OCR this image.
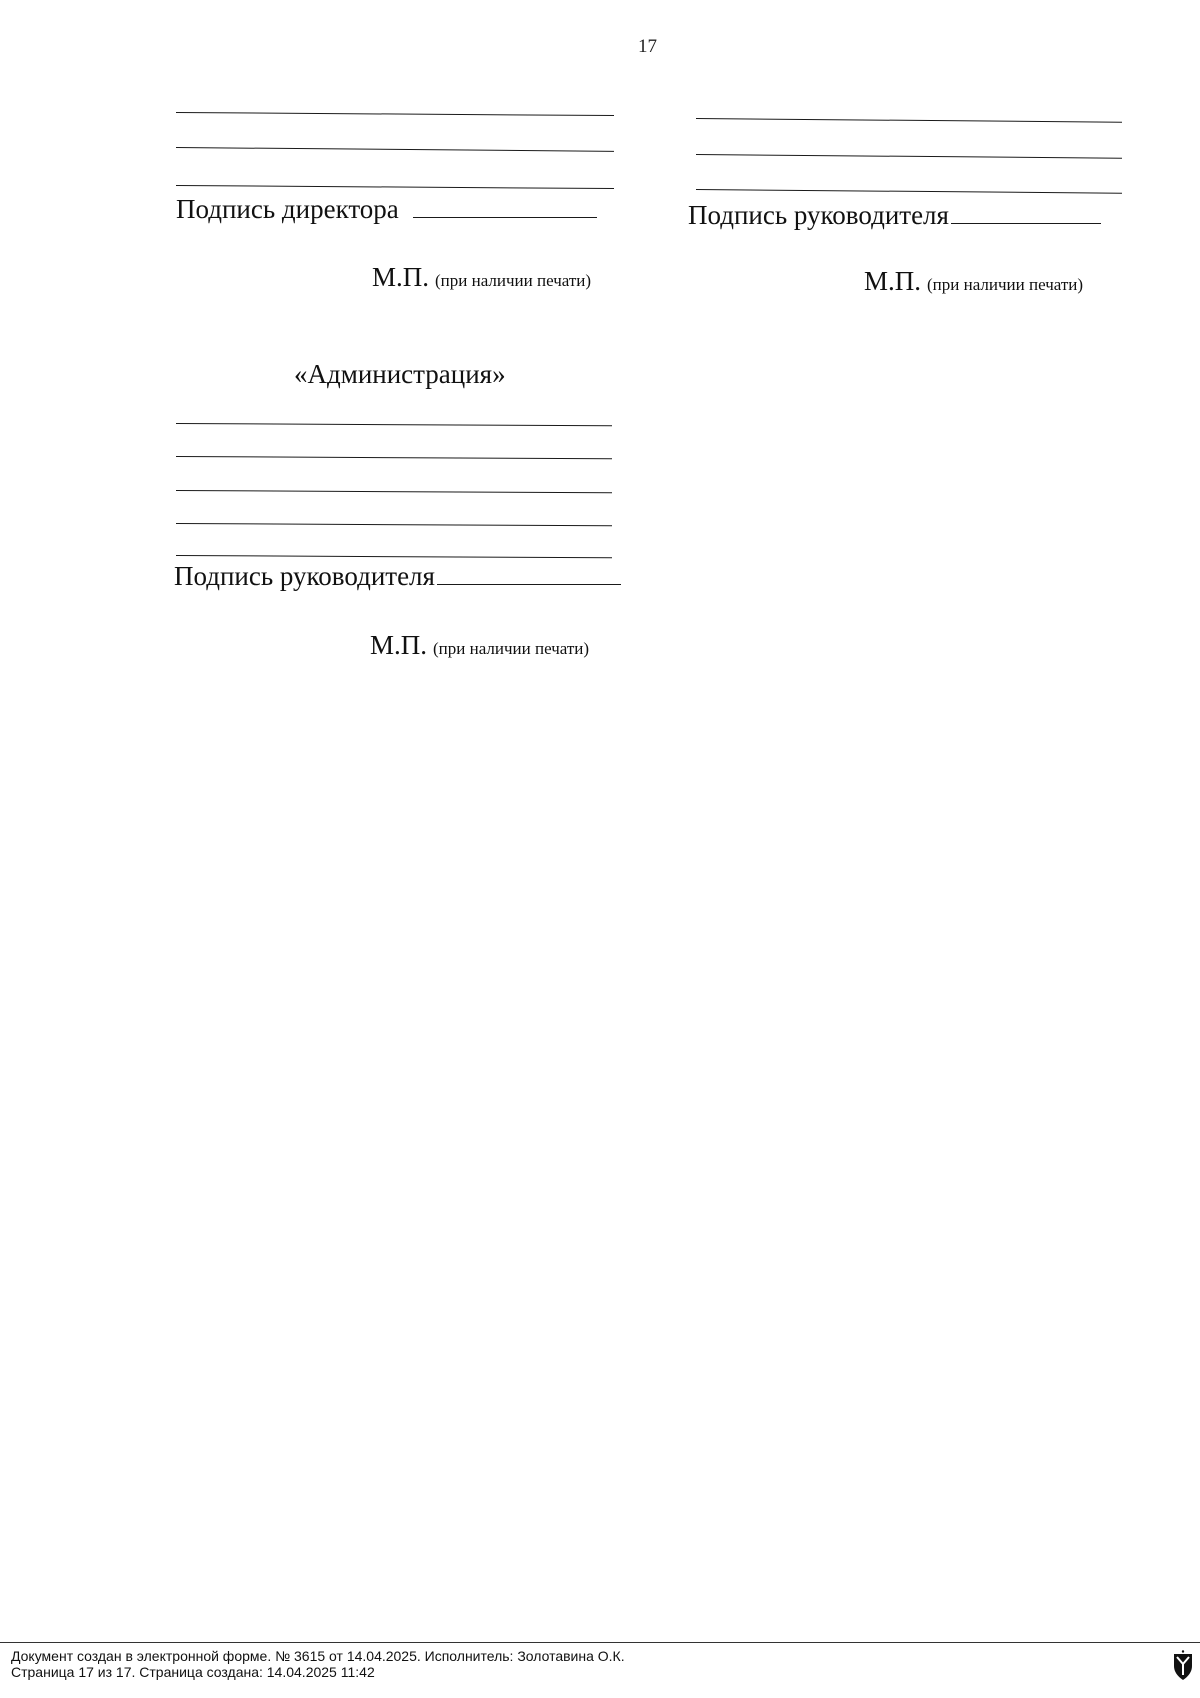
17
Подпись директора
М.П. (при наличии печати)
Подпись руководителя
М.П. (при наличии печати)
«Администрация»
Подпись руководителя
М.П. (при наличии печати)
Документ создан в электронной форме. № 3615 от 14.04.2025. Исполнитель: Золотавина О.К.
Страница 17 из 17. Страница создана: 14.04.2025 11:42
